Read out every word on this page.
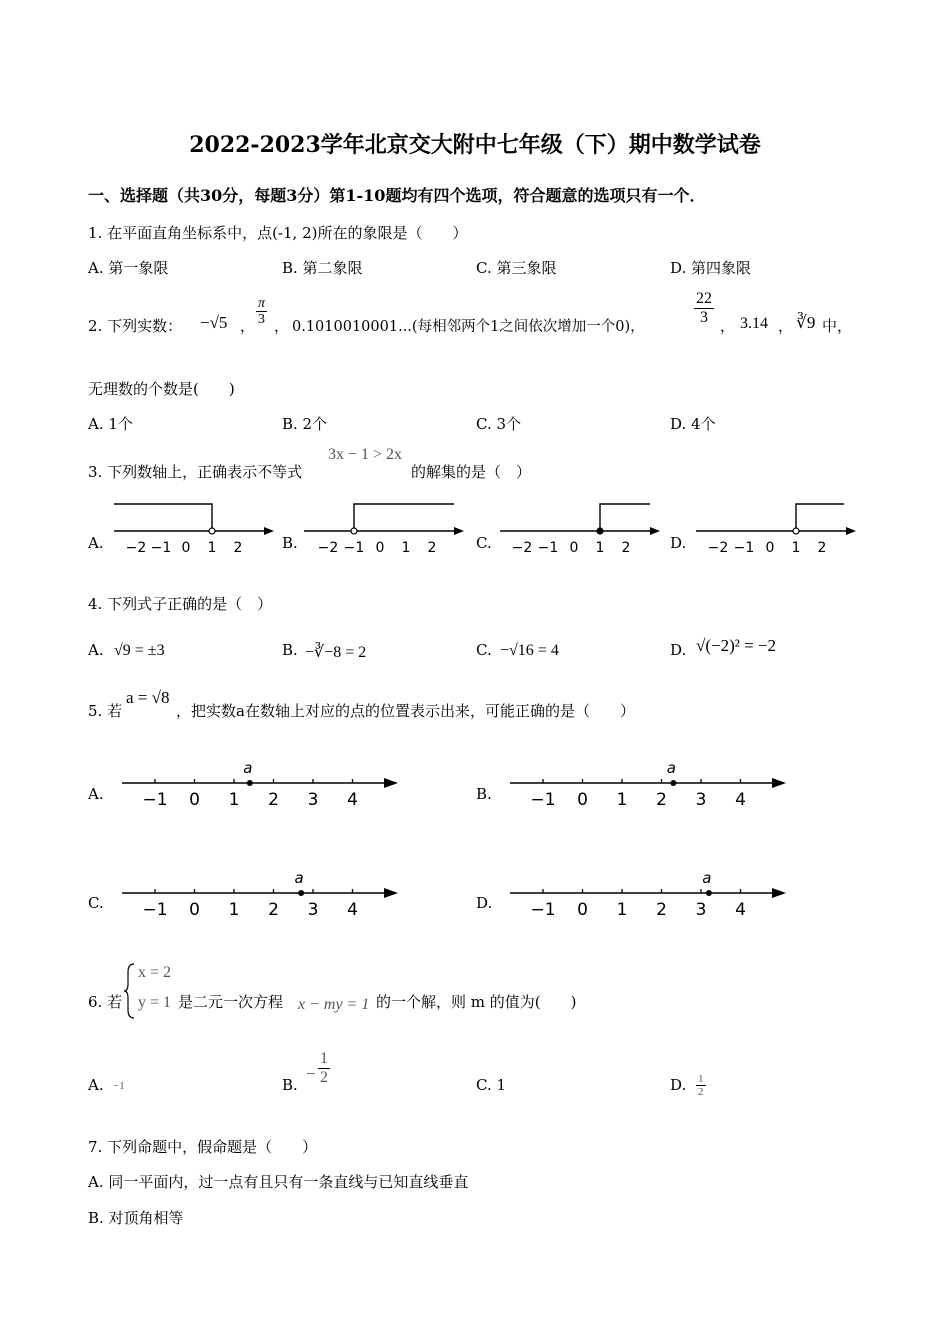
2022-2023学年北京交大附中七年级（下）期中数学试卷
一、选择题（共30分，每题3分）第1-10题均有四个选项，符合题意的选项只有一个．
1. 在平面直角坐标系中，点(-1, 2)所在的象限是（　　）
A. 第一象限	B. 第二象限	C. 第三象限	D. 第四象限
2. 下列实数： −√5 ， $\frac{\pi}{3}$ ， 0.1010010001...(每相邻两个1之间依次增加一个0)，
$\frac{22}{3}$ ， 3.14 ， ∛9 中，
无理数的个数是(　　)
A. 1个	B. 2个	C. 3个	D. 4个
3. 下列数轴上，正确表示不等式
3x − 1 > 2x
的解集的是（　）
A.	B.	C.	D.
−2 −1 0 1 2	−2 −1 0 1 2	−2 −1 0 1 2	−2 −1 0 1 2
4. 下列式子正确的是（　）
A. √9 = ±3	B. −∛−8 = 2	C. −√16 = 4	D. √(−2)² = −2
5. 若
a = √8
，把实数a在数轴上对应的点的位置表示出来，可能正确的是（　　）
A.	B.
C.	D.
−1 0 1 2 3 4
a
−1 0 1 2 3 4
a
−1 0 1 2 3 4
a
−1 0 1 2 3 4
a
x = 2
y = 1
6. 若	是二元一次方程 x − my = 1 的一个解，则 m 的值为(　　)
A. −1	B.
− $\frac{1}{2}$	C. 1	D. $\frac{1}{2}$
7. 下列命题中，假命题是（　　）
A. 同一平面内，过一点有且只有一条直线与已知直线垂直
B. 对顶角相等
